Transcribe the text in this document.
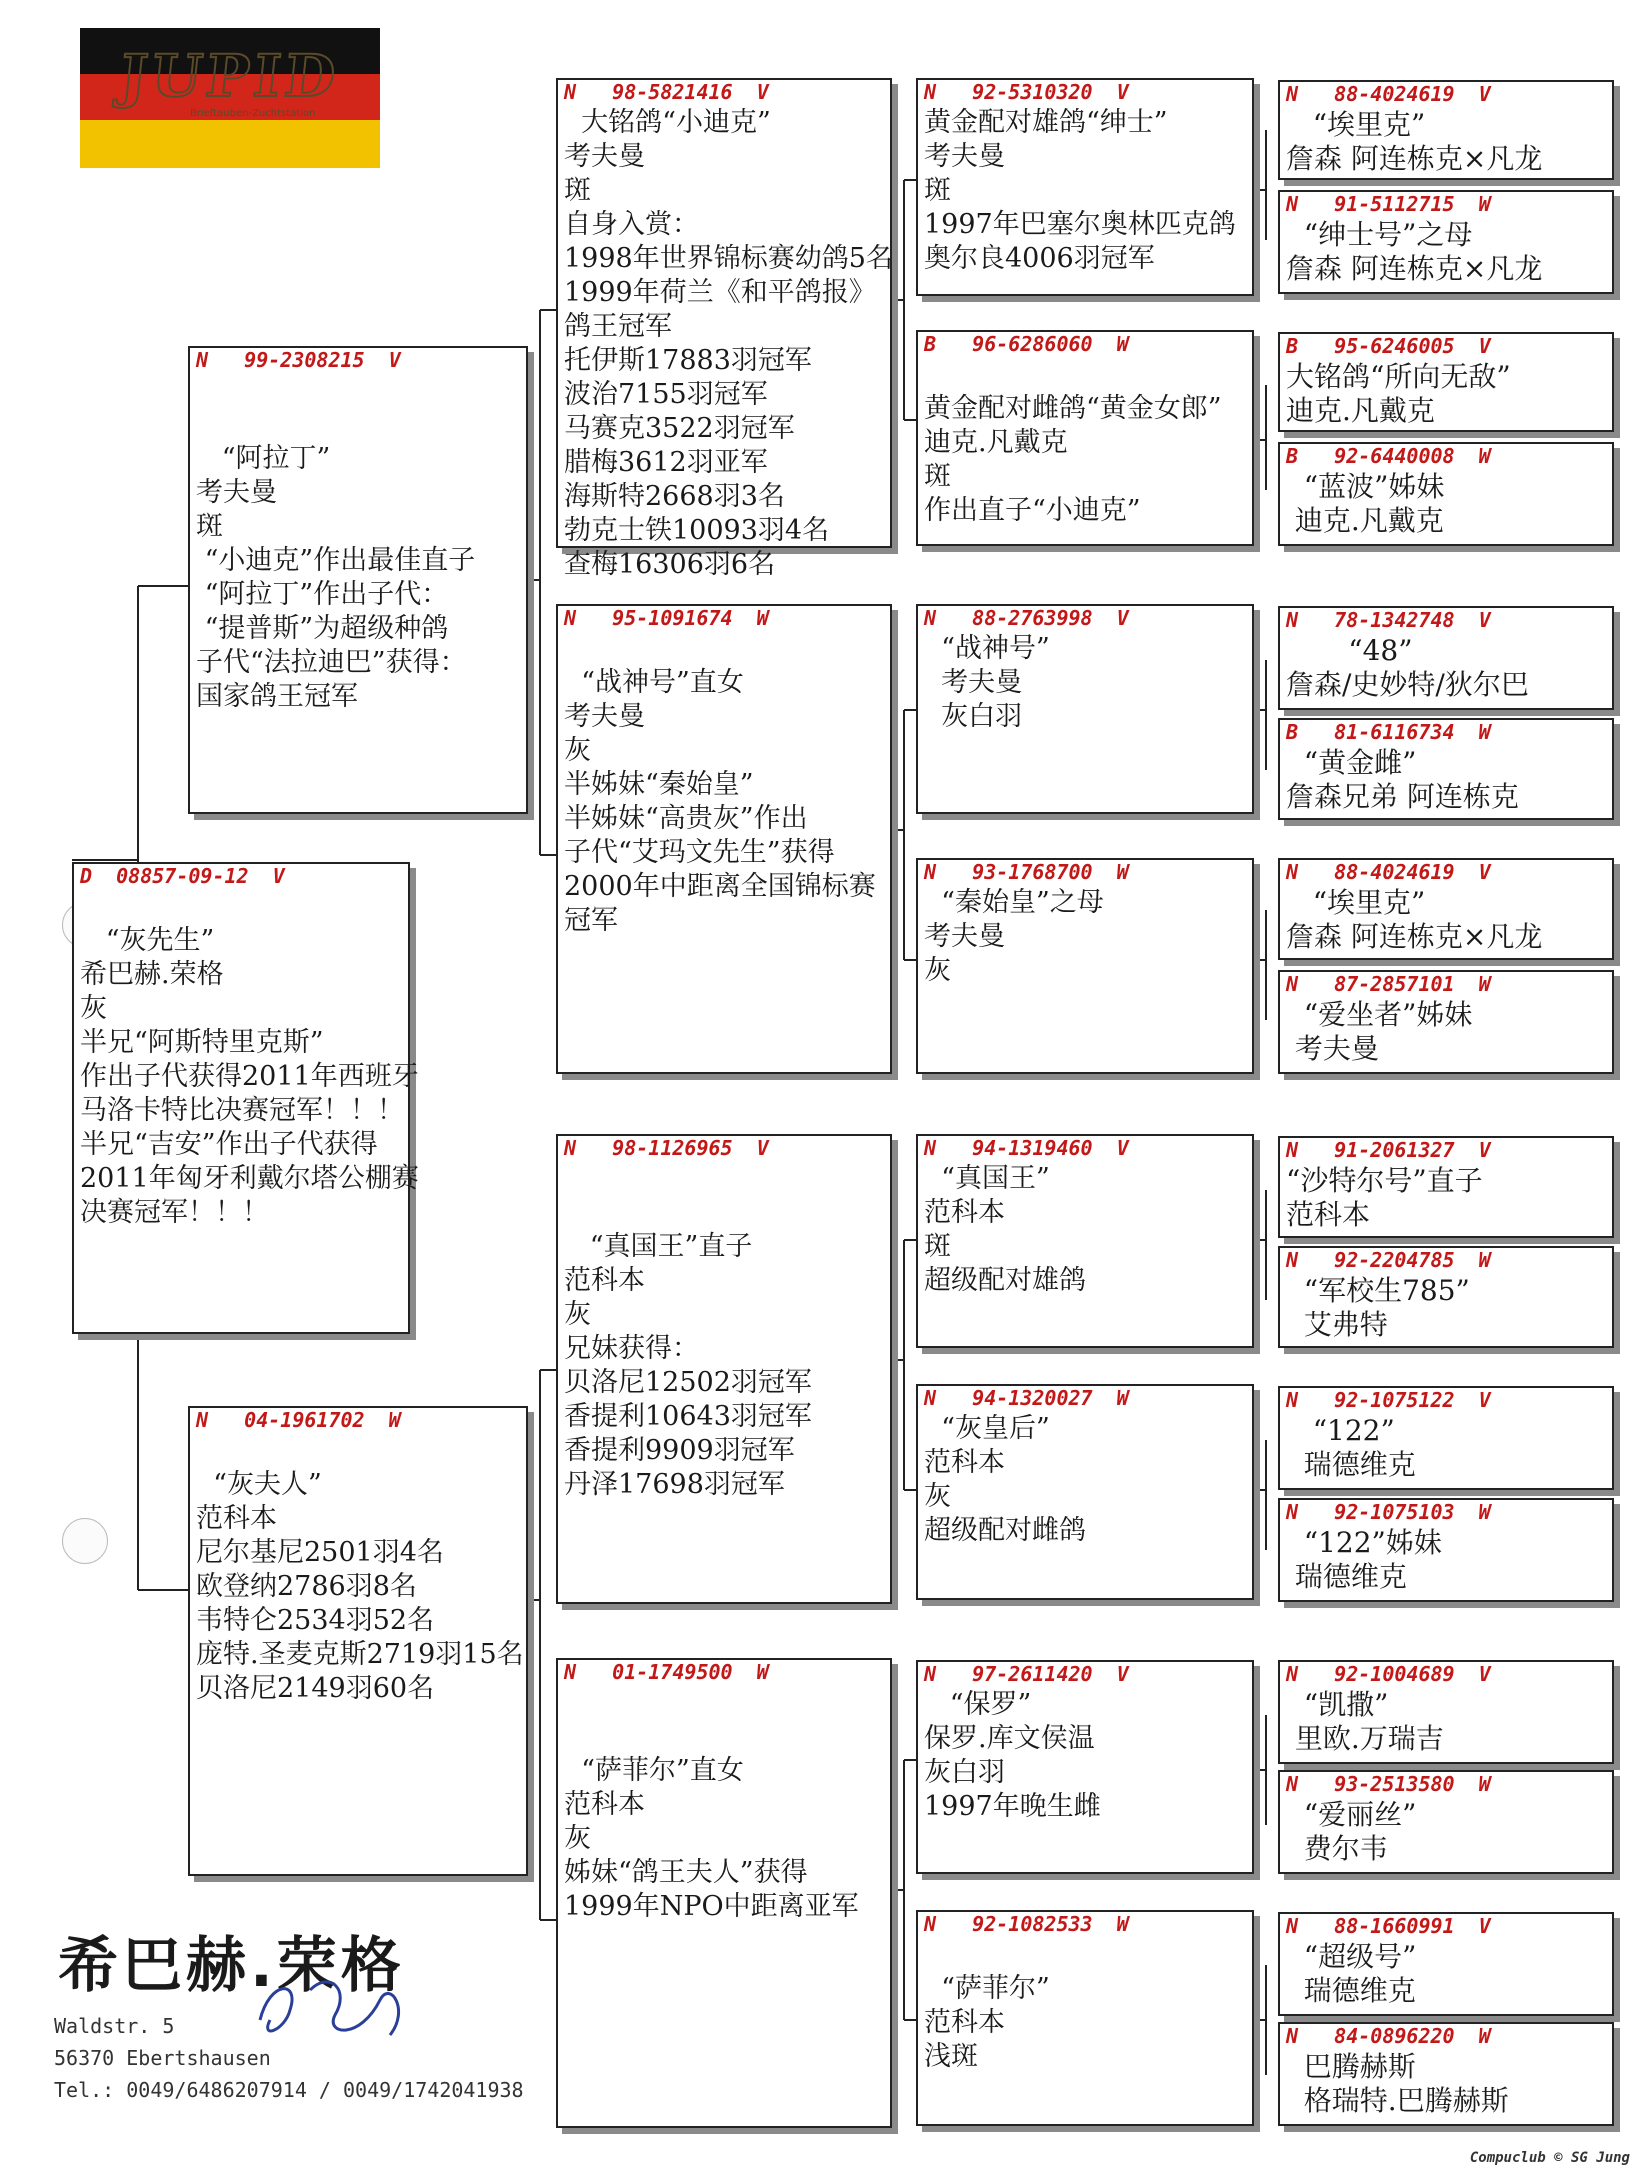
JUPID
Brieftauben-Zuchtstation
D  08857-09-12  V
“灰先生”
希巴赫.荣格
灰
半兄“阿斯特里克斯”
作出子代获得2011年西班牙
马洛卡特比决赛冠军！！！
半兄“吉安”作出子代获得
2011年匈牙利戴尔塔公棚赛
决赛冠军！！！
N   99-2308215  V
“阿拉丁”
考夫曼
斑
“小迪克”作出最佳直子
“阿拉丁”作出子代：
“提普斯”为超级种鸽
子代“法拉迪巴”获得：
国家鸽王冠军
N   04-1961702  W
“灰夫人”
范科本
尼尔基尼2501羽4名
欧登纳2786羽8名
韦特仑2534羽52名
庞特.圣麦克斯2719羽15名
贝洛尼2149羽60名
N   98-5821416  V
大铭鸽“小迪克”
考夫曼
斑
自身入赏：
1998年世界锦标赛幼鸽5名
1999年荷兰《和平鸽报》
鸽王冠军
托伊斯17883羽冠军
波治7155羽冠军
马赛克3522羽冠军
腊梅3612羽亚军
海斯特2668羽3名
勃克士铁10093羽4名
查梅16306羽6名
N   95-1091674  W
“战神号”直女
考夫曼
灰
半姊妹“秦始皇”
半姊妹“高贵灰”作出
子代“艾玛文先生”获得
2000年中距离全国锦标赛
冠军
N   98-1126965  V
“真国王”直子
范科本
灰
兄妹获得：
贝洛尼12502羽冠军
香提利10643羽冠军
香提利9909羽冠军
丹泽17698羽冠军
N   01-1749500  W
“萨菲尔”直女
范科本
灰
姊妹“鸽王夫人”获得
1999年NPO中距离亚军
N   92-5310320  V
黄金配对雄鸽“绅士”
考夫曼
斑
1997年巴塞尔奥林匹克鸽
奥尔良4006羽冠军
B   96-6286060  W
黄金配对雌鸽“黄金女郎”
迪克.凡戴克
斑
作出直子“小迪克”
N   88-2763998  V
“战神号”
考夫曼
灰白羽
N   93-1768700  W
“秦始皇”之母
考夫曼
灰
N   94-1319460  V
“真国王”
范科本
斑
超级配对雄鸽
N   94-1320027  W
“灰皇后”
范科本
灰
超级配对雌鸽
N   97-2611420  V
“保罗”
保罗.库文侯温
灰白羽
1997年晚生雌
N   92-1082533  W
“萨菲尔”
范科本
浅斑
N   88-4024619  V
“埃里克”
詹森 阿连栋克×凡龙
N   91-5112715  W
“绅士号”之母
詹森 阿连栋克×凡龙
B   95-6246005  V
大铭鸽“所向无敌”
迪克.凡戴克
B   92-6440008  W
“蓝波”姊妹
迪克.凡戴克
N   78-1342748  V
“48”
詹森/史妙特/狄尔巴
B   81-6116734  W
“黄金雌”
詹森兄弟 阿连栋克
N   88-4024619  V
“埃里克”
詹森 阿连栋克×凡龙
N   87-2857101  W
“爱坐者”姊妹
考夫曼
N   91-2061327  V
“沙特尔号”直子
范科本
N   92-2204785  W
“军校生785”
艾弗特
N   92-1075122  V
“122”
瑞德维克
N   92-1075103  W
“122”姊妹
瑞德维克
N   92-1004689  V
“凯撒”
里欧.万瑞吉
N   93-2513580  W
“爱丽丝”
费尔韦
N   88-1660991  V
“超级号”
瑞德维克
N   84-0896220  W
巴腾赫斯
格瑞特.巴腾赫斯
希巴赫.荣格
Waldstr. 5
56370 Ebertshausen
Tel.: 0049/6486207914 / 0049/1742041938
Compuclub © SG Jung
